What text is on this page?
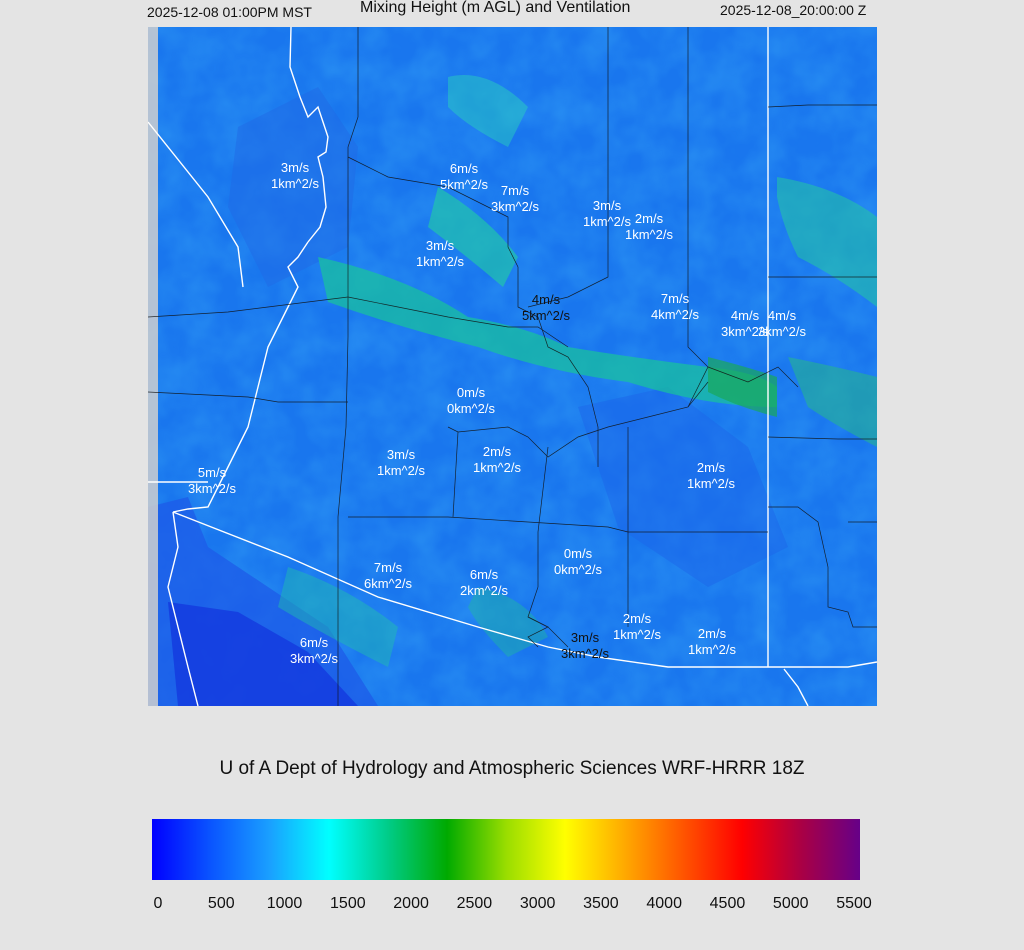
2025-12-08 01:00PM MST	Mixing Height (m AGL) and Ventilation	2025-12-08_20:00:00 Z
3m/s
1km^2/s
6m/s
5km^2/s 7m/s
3km^2/s	3m/s
1km^2/s 2m/s
1km^2/s
3m/s
1km^2/s
4m/s
5km^2/s
7m/s
4km^2/s	4m/s
3km^2/s
4m/s
3km^2/s
0m/s
0km^2/s
3m/s
1km^2/s
2m/s
1km^2/s	2m/s
1km^2/s
5m/s
3km^2/s
0m/s
0km^2/s
7m/s
6km^2/s
6m/s
2km^2/s
2m/s
1km^2/s
3m/s
3km^2/s
2m/s
1km^2/s
6m/s
3km^2/s
U of A Dept of Hydrology and Atmospheric Sciences WRF-HRRR 18Z
0	500 1000 1500 2000 2500 3000 3500 4000 4500 5000 5500
